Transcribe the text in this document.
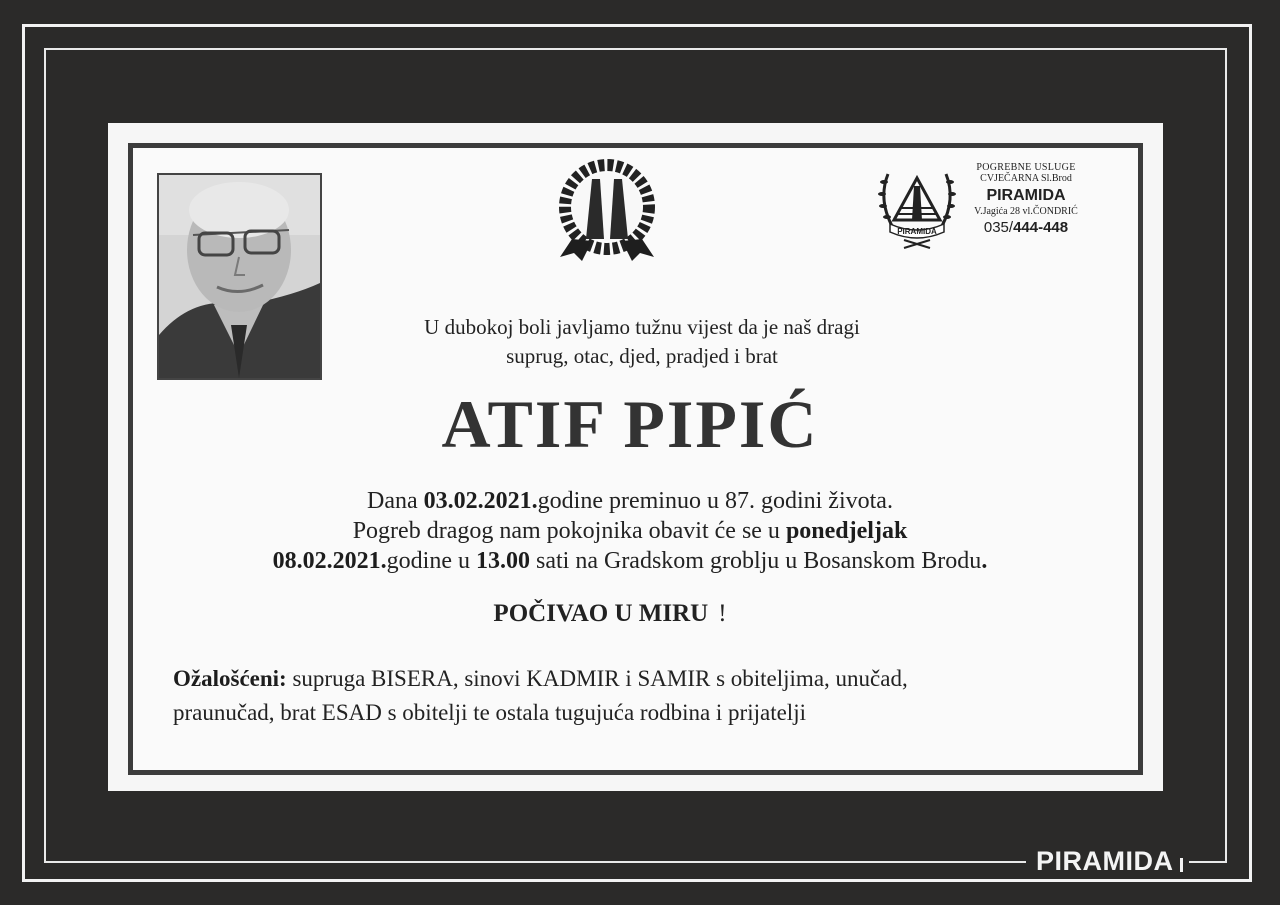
PIRAMIDA
PIRAMIDA
POGREBNE USLUGE
CVJEČARNA Sl.Brod
PIRAMIDA
V.Jagića 28 vl.ČONDRIĆ
035/444-448
U dubokoj boli javljamo tužnu vijest da je naš dragi
suprug, otac, djed, pradjed i brat
ATIF PIPIĆ
Dana 03.02.2021.godine preminuo u 87. godini života.
Pogreb dragog nam pokojnika obavit će se u ponedjeljak
08.02.2021.godine u 13.00 sati na Gradskom groblju u Bosanskom Brodu.
POČIVAO U MIRU !
Ožalošćeni: supruga BISERA, sinovi KADMIR i SAMIR s obiteljima, unučad,
praunučad, brat ESAD s obitelji te ostala tugujuća rodbina i prijatelji
